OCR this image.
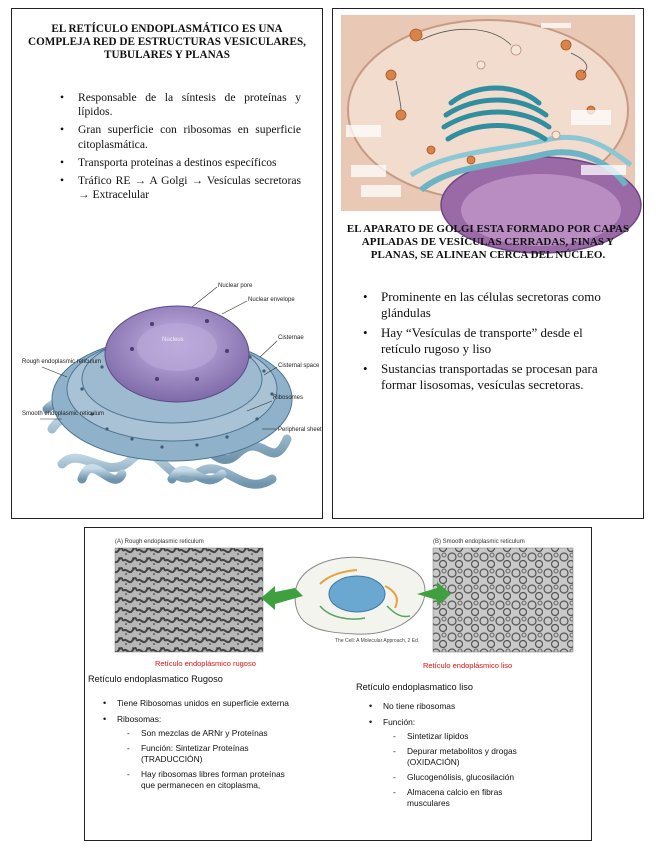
EL RETÍCULO ENDOPLASMÁTICO ES UNA COMPLEJA RED DE ESTRUCTURAS VESICULARES, TUBULARES Y PLANAS
• Responsable de la síntesis de proteínas y lípidos.
• Gran superficie con ribosomas en superficie citoplasmática.
• Transporta proteínas a destinos específicos
• Tráfico RE → A Golgi → Vesículas secretoras → Extracelular
Nuclear pore
Nuclear envelope
Rough endoplasmic reticulum
Cisternae
Nucleus
Cisternal space
Smooth endoplasmic reticulum
Ribosomes
Peripheral sheet
EL APARATO DE GOLGI ESTA FORMADO POR CAPAS APILADAS DE VESÍCULAS CERRADAS, FINAS Y PLANAS, SE ALINEAN CERCA DEL NÚCLEO.
• Prominente en las células secretoras como glándulas
• Hay “Vesículas de transporte” desde el retículo rugoso y liso
• Sustancias transportadas se procesan para formar lisosomas, vesículas secretoras.
(A) Rough endoplasmic reticulum	(B) Smooth endoplasmic reticulum
The Cell: A Molecular Approach, 2 Ed.
Retículo endoplásmico rugoso	Retículo endoplásmico liso
Retículo endoplasmatico Rugoso
Retículo endoplasmatico liso
• Tiene Ribosomas unidos en superficie externa
• Ribosomas:
- Son mezclas de ARNr y Proteínas
- Función: Sintetizar Proteínas (TRADUCCIÓN)
- Hay ribosomas libres forman proteínas que permanecen en citoplasma,
• No tiene ribosomas
• Función:
- Sintetizar lípidos
- Depurar metabolitos y drogas (OXIDACIÓN)
- Glucogenólisis, glucosilación
- Almacena calcio en fibras musculares
